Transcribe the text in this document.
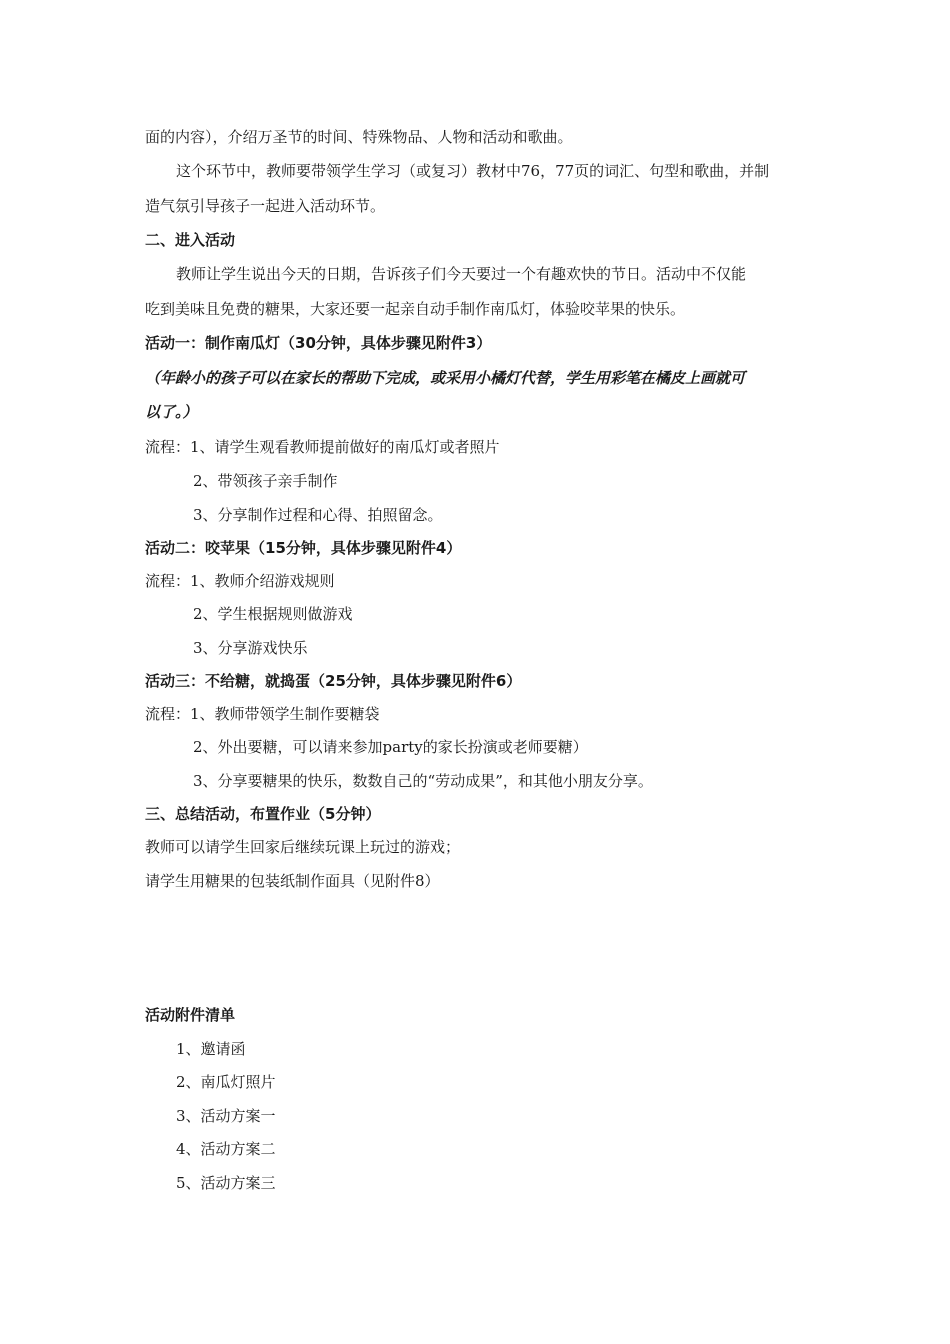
面的内容），介绍万圣节的时间、特殊物品、人物和活动和歌曲。
这个环节中，教师要带领学生学习（或复习）教材中76，77页的词汇、句型和歌曲，并制
造气氛引导孩子一起进入活动环节。
二、进入活动
教师让学生说出今天的日期，告诉孩子们今天要过一个有趣欢快的节日。活动中不仅能
吃到美味且免费的糖果，大家还要一起亲自动手制作南瓜灯，体验咬苹果的快乐。
活动一：制作南瓜灯（30分钟，具体步骤见附件3）
（年龄小的孩子可以在家长的帮助下完成，或采用小橘灯代替，学生用彩笔在橘皮上画就可
以了。）
流程：1、请学生观看教师提前做好的南瓜灯或者照片
2、带领孩子亲手制作
3、分享制作过程和心得、拍照留念。
活动二：咬苹果（15分钟，具体步骤见附件4）
流程：1、教师介绍游戏规则
2、学生根据规则做游戏
3、分享游戏快乐
活动三：不给糖，就捣蛋（25分钟，具体步骤见附件6）
流程：1、教师带领学生制作要糖袋
2、外出要糖，可以请来参加party的家长扮演或老师要糖）
3、分享要糖果的快乐，数数自己的“劳动成果”，和其他小朋友分享。
三、总结活动，布置作业（5分钟）
教师可以请学生回家后继续玩课上玩过的游戏；
请学生用糖果的包装纸制作面具（见附件8）
活动附件清单
1、邀请函
2、南瓜灯照片
3、活动方案一
4、活动方案二
5、活动方案三
